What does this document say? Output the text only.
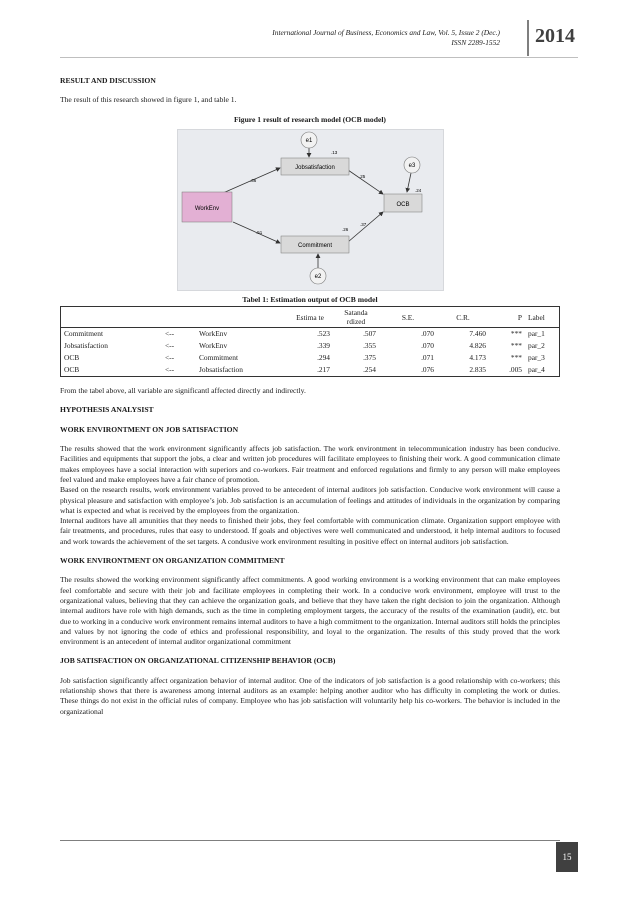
International Journal of Business, Economics and Law, Vol. 5, Issue 2 (Dec.)
ISSN 2289-1552 2014

RESULT AND DISCUSSION

The result of this research showed in figure 1, and table 1.

Figure 1 result of research model (OCB model)

WorkEnv
Jobsatisfaction
Commitment
OCB
e1
e2
e3
.36
.51
.25
.37
.13
.26
.24

Tabel 1: Estimation output of OCB model

			Estima te	Satanda rdized	S.E.	C.R.	P	Label
Commitment	<--	WorkEnv	.523	.507	.070	7.460	***	par_1
Jobsatisfaction	<--	WorkEnv	.339	.355	.070	4.826	***	par_2
OCB	<--	Commitment	.294	.375	.071	4.173	***	par_3
OCB	<--	Jobsatisfaction	.217	.254	.076	2.835	.005	par_4

From the tabel above, all variable are significantl affected directly and indirectly.

HYPOTHESIS ANALYSIST

WORK ENVIRONTMENT ON JOB SATISFACTION

The results showed that the work environment significantly affects job satisfaction. The work environtment in telecommunication industry has been conducive. Facilities and equipments that support the jobs, a clear and written job procedures will facilitate employees to finishing their work. A good communication climate makes employees have a social interaction with superiors and co-workers. Fair treatment and enforced regulations and firmly to any person will make employees feel valued and make employees have a fair chance of promotion.

Based on the research results, work environment variables proved to be antecedent of internal auditors job satisfaction. Conducive work environment will cause a physical pleasure and satisfaction with employee’s job. Job satisfaction is an accumulation of feelings and attitudes of individuals in the organization by comparing what is expected and what is received by the employees from the organization.

Internal auditors have all amunities that they needs to finished their jobs, they feel comfortable with communication climate. Organization support employee with fair treatments, and procedures, rules that easy to understood. If goals and objectives were well communicated and understood, it help internal auditors to focused and work towards the achievement of the set targets. A condusive work environment resulting in positive effect on internal auditors job satisfaction.

WORK ENVIRONTMENT ON ORGANIZATION COMMITMENT

The results showed the working environment significantly affect commitments. A good working environment is a working environment that can make employees feel comfortable and secure with their job and facilitate employees in completing their work. In a conducive work environment, employee will trust to the organizational values, believing that they can achieve the organization goals, and believe that they have taken the right decision to join the organization. Although internal auditors have role with high demands, such as the time in completing employment targets, the accuracy of the results of the examination (audit), etc. but due to working in a conducive work environment remains internal auditors to have a high commitment to the organization. Internal auditors still holds the principles and values by not ignoring the code of ethics and professional responsibility, and loyal to the organization. The results of this study proved that the work environment is an antecedent of internal auditor organizational commitment

JOB SATISFACTION ON ORGANIZATIONAL CITIZENSHIP BEHAVIOR (OCB)

Job satisfaction significantly affect organization behavior of internal auditor. One of the indicators of job satisfaction is a good relationship with co-workers; this relationship shows that there is awareness among internal auditors as an example: helping another auditor who has difficulty in completing the work or duties. These things do not exist in the official rules of company. Employee who has job satisfaction will voluntarily help his co-workers. The behavior is included in the organizational

15
